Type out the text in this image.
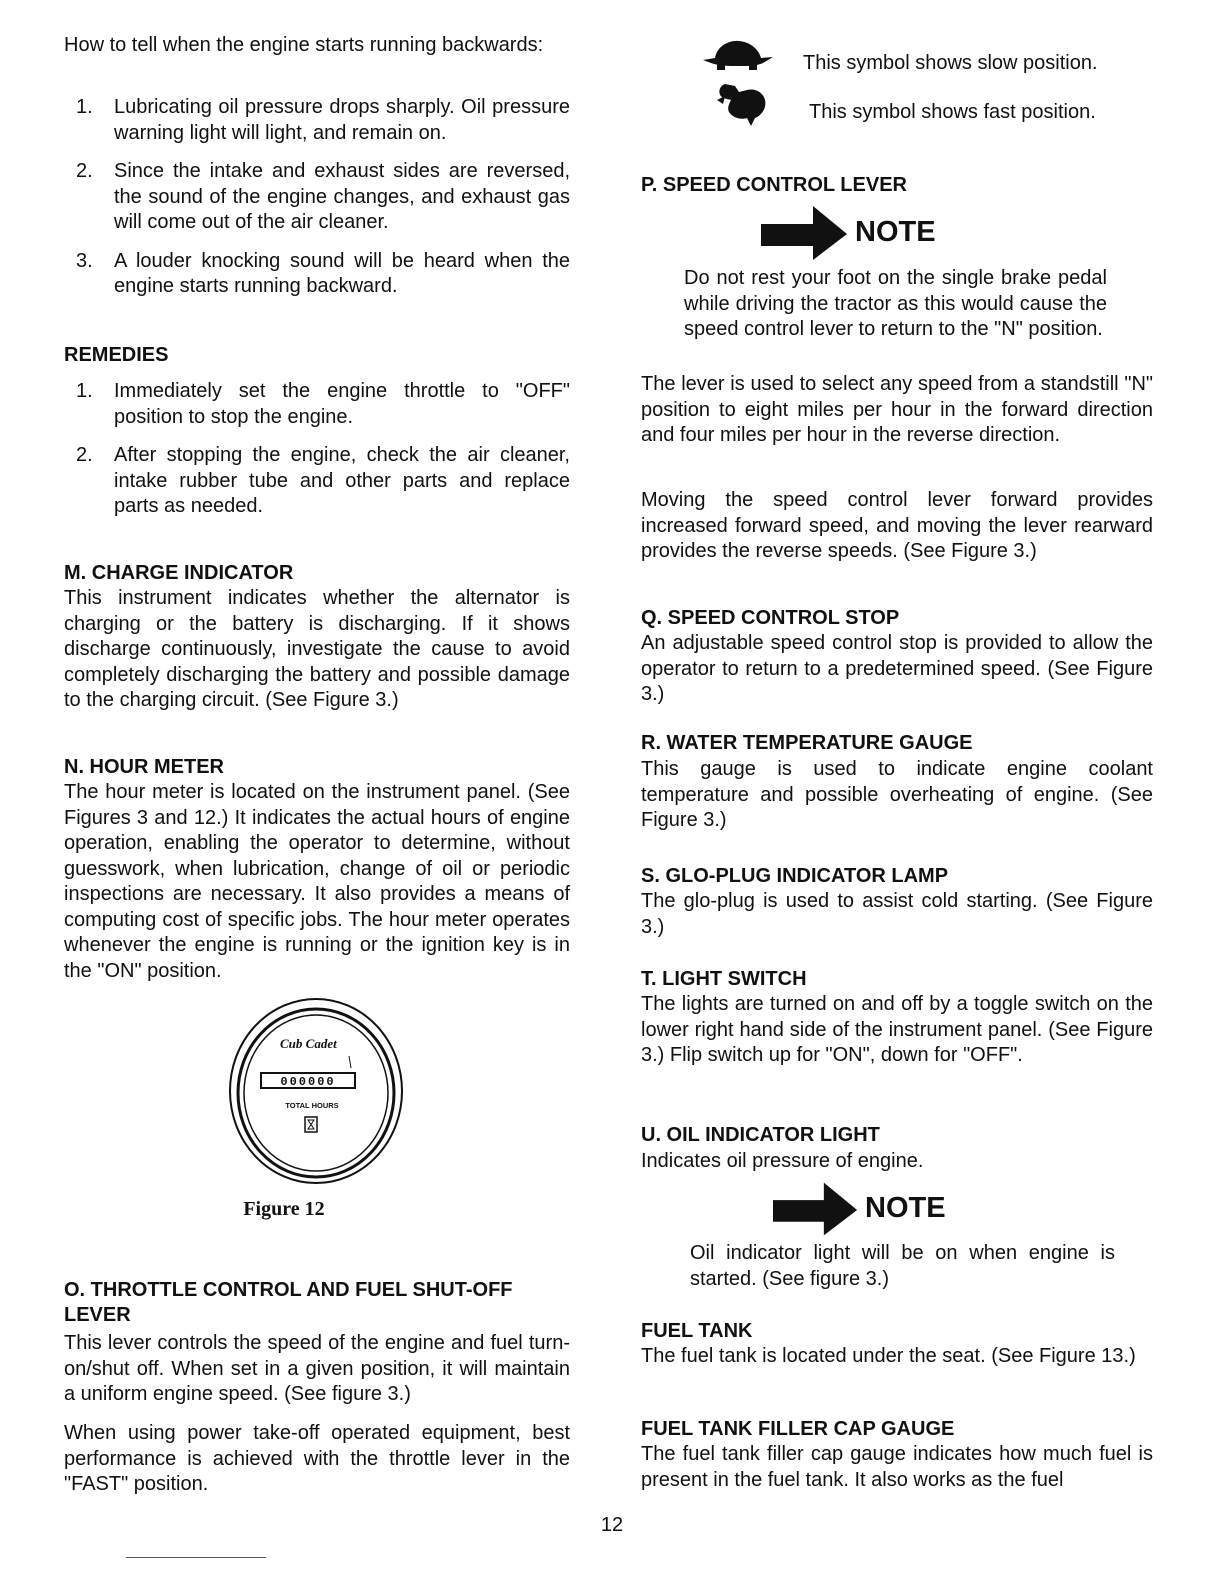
How to tell when the engine starts running backwards:

1. Lubricating oil pressure drops sharply. Oil pressure warning light will light, and remain on.
2. Since the intake and exhaust sides are reversed, the sound of the engine changes, and exhaust gas will come out of the air cleaner.
3. A louder knocking sound will be heard when the engine starts running backward.
REMEDIES
1. Immediately set the engine throttle to "OFF" position to stop the engine.
2. After stopping the engine, check the air cleaner, intake rubber tube and other parts and replace parts as needed.
M. CHARGE INDICATOR

This instrument indicates whether the alternator is charging or the battery is discharging. If it shows discharge continuously, investigate the cause to avoid completely discharging the battery and possible damage to the charging circuit. (See Figure 3.)

N. HOUR METER

The hour meter is located on the instrument panel. (See Figures 3 and 12.) It indicates the actual hours of engine operation, enabling the operator to determine, without guesswork, when lubrication, change of oil or periodic inspections are necessary. It also provides a means of computing cost of specific jobs. The hour meter operates whenever the engine is running or the ignition key is in the "ON" position.

Cub Cadet
000000
TOTAL HOURS
Figure 12
O. THROTTLE CONTROL AND FUEL SHUT-OFF LEVER

This lever controls the speed of the engine and fuel turn-on/shut off. When set in a given position, it will maintain a uniform engine speed. (See figure 3.)

When using power take-off operated equipment, best performance is achieved with the throttle lever in the "FAST" position.

This symbol shows slow position.
This symbol shows fast position.
P. SPEED CONTROL LEVER
NOTE

Do not rest your foot on the single brake pedal while driving the tractor as this would cause the speed control lever to return to the "N" position.

The lever is used to select any speed from a standstill "N" position to eight miles per hour in the forward direction and four miles per hour in the reverse direction.

Moving the speed control lever forward provides increased forward speed, and moving the lever rearward provides the reverse speeds. (See Figure 3.)

Q. SPEED CONTROL STOP

An adjustable speed control stop is provided to allow the operator to return to a predetermined speed. (See Figure 3.)

R. WATER TEMPERATURE GAUGE

This gauge is used to indicate engine coolant temperature and possible overheating of engine. (See Figure 3.)

S. GLO-PLUG INDICATOR LAMP

The glo-plug is used to assist cold starting. (See Figure 3.)

T. LIGHT SWITCH

The lights are turned on and off by a toggle switch on the lower right hand side of the instrument panel. (See Figure 3.) Flip switch up for "ON", down for "OFF".

U. OIL INDICATOR LIGHT

Indicates oil pressure of engine.

NOTE

Oil indicator light will be on when engine is started. (See figure 3.)

FUEL TANK

The fuel tank is located under the seat. (See Figure 13.)

FUEL TANK FILLER CAP GAUGE

The fuel tank filler cap gauge indicates how much fuel is present in the fuel tank. It also works as the fuel

12
